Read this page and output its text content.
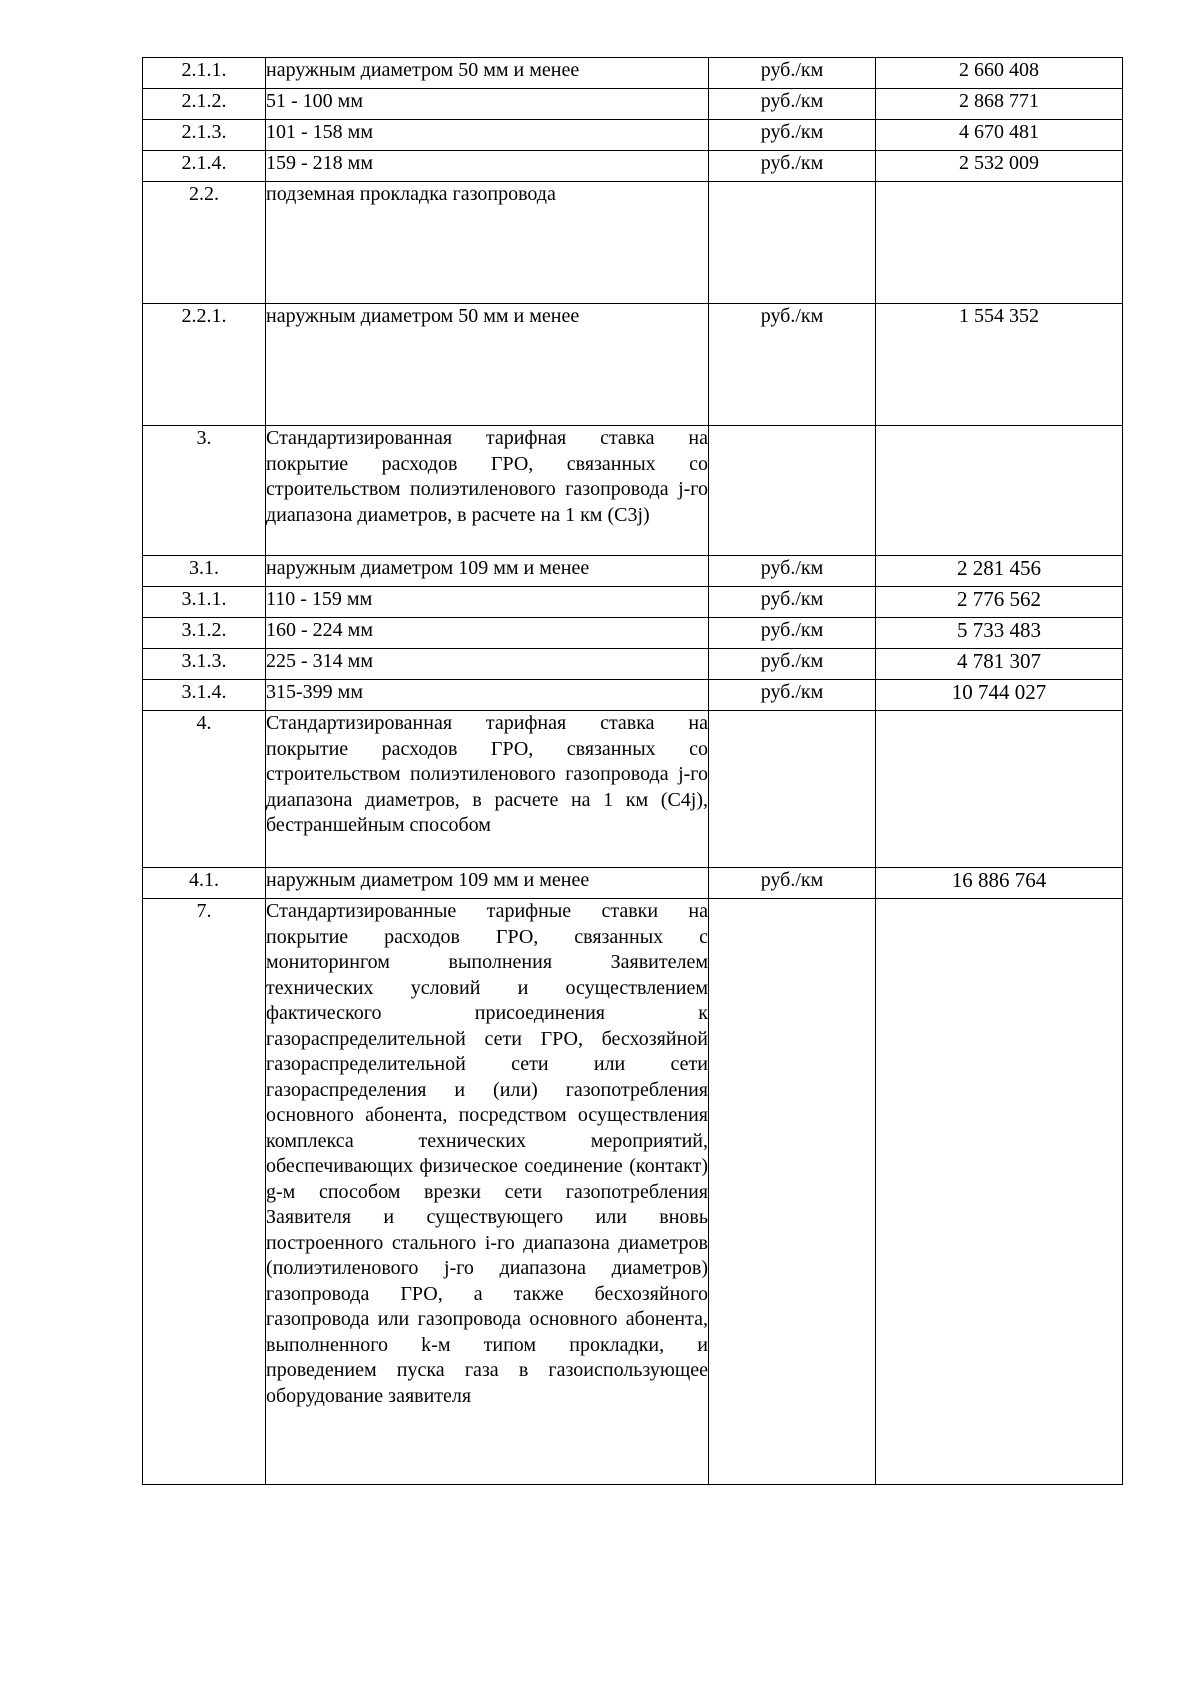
2.1.1.	наружным диаметром 50 мм и менее	руб./км	2 660 408
2.1.2.	51 - 100 мм	руб./км	2 868 771
2.1.3.	101 - 158 мм	руб./км	4 670 481
2.1.4.	159 - 218 мм	руб./км	2 532 009
2.2.	подземная прокладка газопровода		
2.2.1.	наружным диаметром 50 мм и менее	руб./км	1 554 352
3.	Стандартизированная тарифная ставка на покрытие расходов ГРО, связанных со строительством полиэтиленового газопровода j-го диапазона диаметров, в расчете на 1 км (С3j)		
3.1.	наружным диаметром 109 мм и менее	руб./км	2 281 456
3.1.1.	110 - 159 мм	руб./км	2 776 562
3.1.2.	160 - 224 мм	руб./км	5 733 483
3.1.3.	225 - 314 мм	руб./км	4 781 307
3.1.4.	315-399 мм	руб./км	10 744 027
4.	Стандартизированная тарифная ставка на покрытие расходов ГРО, связанных со строительством полиэтиленового газопровода j-го диапазона диаметров, в расчете на 1 км (С4j), бестраншейным способом		
4.1.	наружным диаметром 109 мм и менее	руб./км	16 886 764
7.	Стандартизированные тарифные ставки на покрытие расходов ГРО, связанных с мониторингом выполнения Заявителем технических условий и осуществлением фактического присоединения к газораспределительной сети ГРО, бесхозяйной газораспределительной сети или сети газораспределения и (или) газопотребления основного абонента, посредством осуществления комплекса технических мероприятий, обеспечивающих физическое соединение (контакт) g-м способом врезки сети газопотребления Заявителя и существующего или вновь построенного стального i-го диапазона диаметров (полиэтиленового j-го диапазона диаметров) газопровода ГРО, а также бесхозяйного газопровода или газопровода основного абонента, выполненного k-м типом прокладки, и проведением пуска газа в газоиспользующее оборудование заявителя		
